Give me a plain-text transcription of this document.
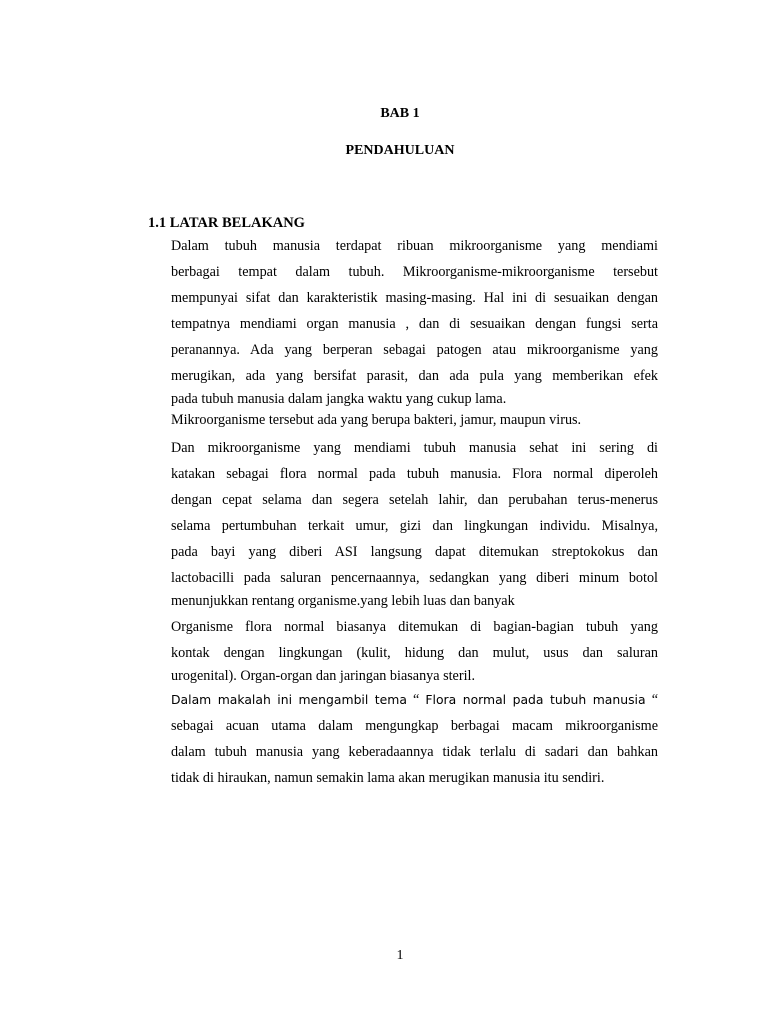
BAB 1
PENDAHULUAN
1.1 LATAR BELAKANG
Dalam tubuh manusia terdapat ribuan mikroorganisme yang mendiami
berbagai tempat dalam tubuh. Mikroorganisme-mikroorganisme tersebut
mempunyai sifat dan karakteristik masing-masing. Hal ini di sesuaikan dengan
tempatnya mendiami organ manusia , dan di sesuaikan dengan fungsi serta
peranannya. Ada yang berperan sebagai patogen atau mikroorganisme yang
merugikan, ada yang bersifat parasit, dan ada pula yang memberikan efek
pada tubuh manusia dalam jangka waktu yang cukup lama.
Mikroorganisme tersebut ada yang berupa bakteri, jamur, maupun virus.
Dan mikroorganisme yang mendiami tubuh manusia sehat ini sering di
katakan sebagai flora normal pada tubuh manusia. Flora normal diperoleh
dengan cepat selama dan segera setelah lahir, dan perubahan terus-menerus
selama pertumbuhan terkait umur, gizi dan lingkungan individu. Misalnya,
pada bayi yang diberi ASI langsung dapat ditemukan streptokokus dan
lactobacilli pada saluran pencernaannya, sedangkan yang diberi minum botol
menunjukkan rentang organisme.yang lebih luas dan banyak
Organisme flora normal biasanya ditemukan di bagian-bagian tubuh yang
kontak dengan lingkungan (kulit, hidung dan mulut, usus dan saluran
urogenital). Organ-organ dan jaringan biasanya steril.
Dalam makalah ini mengambil tema “ Flora normal pada tubuh manusia “
sebagai acuan utama dalam mengungkap berbagai macam mikroorganisme
dalam tubuh manusia yang keberadaannya tidak terlalu di sadari dan bahkan
tidak di hiraukan, namun semakin lama akan merugikan manusia itu sendiri.
1
